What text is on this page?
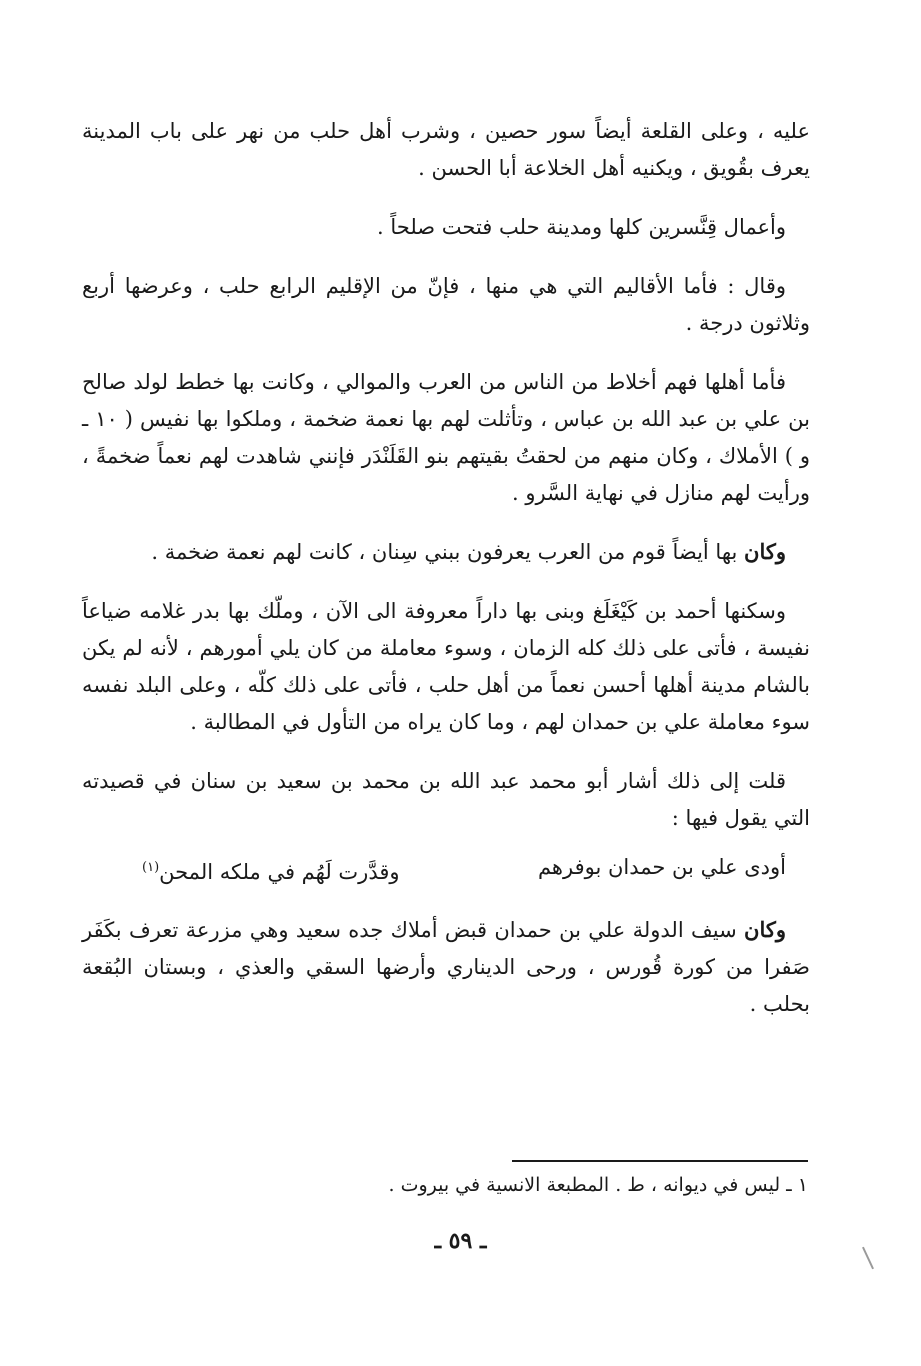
عليه ، وعلى القلعة أيضاً سور حصين ، وشرب أهل حلب من نهر على باب المدينة يعرف بقُويق ، ويكنيه أهل الخلاعة أبا الحسن .

وأعمال قِنَّسرين كلها ومدينة حلب فتحت صلحاً .

وقال : فأما الأقاليم التي هي منها ، فإنّ من الإقليم الرابع حلب ، وعرضها أربع وثلاثون درجة .

فأما أهلها فهم أخلاط من الناس من العرب والموالي ، وكانت بها خطط لولد صالح بن علي بن عبد الله بن عباس ، وتأثلت لهم بها نعمة ضخمة ، وملكوا بها نفيس ( ١٠ ـ و ) الأملاك ، وكان منهم من لحقتُ بقيتهم بنو القَلَنْدَر فإنني شاهدت لهم نعماً ضخمةً ، ورأيت لهم منازل في نهاية السَّرو .

وكان بها أيضاً قوم من العرب يعرفون ببني سِنان ، كانت لهم نعمة ضخمة .

وسكنها أحمد بن كَيْغَلَغ وبنى بها داراً معروفة الى الآن ، وملّك بها بدر غلامه ضياعاً نفيسة ، فأتى على ذلك كله الزمان ، وسوء معاملة من كان يلي أمورهم ، لأنه لم يكن بالشام مدينة أهلها أحسن نعماً من أهل حلب ، فأتى على ذلك كلّه ، وعلى البلد نفسه سوء معاملة علي بن حمدان لهم ، وما كان يراه من التأول في المطالبة .

قلت إلى ذلك أشار أبو محمد عبد الله بن محمد بن سعيد بن سنان في قصيدته التي يقول فيها :

أودى علي بن حمدان بوفرهم
وقدَّرت لَهُم في ملكه المحن$^{(١)}$

وكان سيف الدولة علي بن حمدان قبض أملاك جده سعيد وهي مزرعة تعرف بكَفَر صَفرا من كورة قُورس ، ورحى الديناري وأرضها السقي والعذي ، وبستان البُقعة بحلب .

١ ـ ليس في ديوانه ، ط . المطبعة الانسية في بيروت .
ـ ٥٩ ـ
